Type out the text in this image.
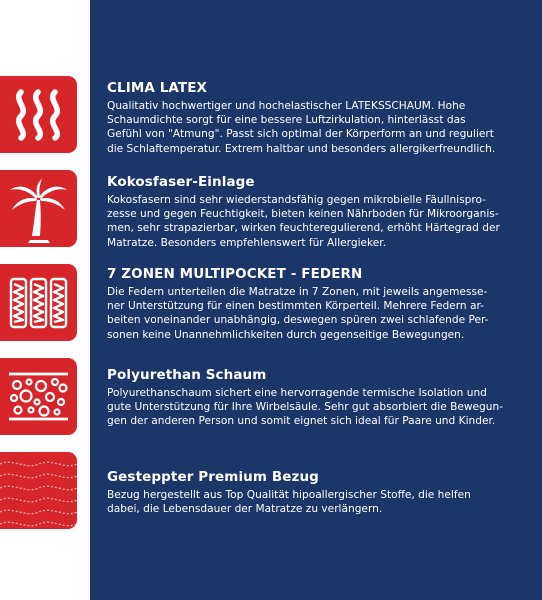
CLIMA LATEX

Qualitativ hochwertiger und hochelastischer LATEKSSCHAUM. Hohe
Schaumdichte sorgt für eine bessere Luftzirkulation, hinterlässt das
Gefühl von "Atmung". Passt sich optimal der Körperform an und reguliert
die Schlaftemperatur. Extrem haltbar und besonders allergikerfreundlich.

Kokosfaser-Einlage

Kokosfasern sind sehr wiederstandsfähig gegen mikrobielle Fäullnispro-
zesse und gegen Feuchtigkeit, bieten keinen Nährboden für Mikroorganis-
men, sehr strapazierbar, wirken feuchteregulierend, erhöht Härtegrad der
Matratze. Besonders empfehlenswert für Allergieker.

7 ZONEN MULTIPOCKET - FEDERN

Die Federn unterteilen die Matratze in 7 Zonen, mit jeweils angemesse-
ner Unterstützung für einen bestimmten Körperteil. Mehrere Federn ar-
beiten voneinander unabhängig, deswegen spüren zwei schlafende Per-
sonen keine Unannehmlichkeiten durch gegenseitige Bewegungen.

Polyurethan Schaum

Polyurethanschaum sichert eine hervorragende termische Isolation und
gute Unterstützung für Ihre Wirbelsäule. Sehr gut absorbiert die Bewegun-
gen der anderen Person und somit eignet sich ideal für Paare und Kinder.

Gesteppter Premium Bezug

Bezug hergestellt aus Top Qualität hipoallergischer Stoffe, die helfen
dabei, die Lebensdauer der Matratze zu verlängern.
